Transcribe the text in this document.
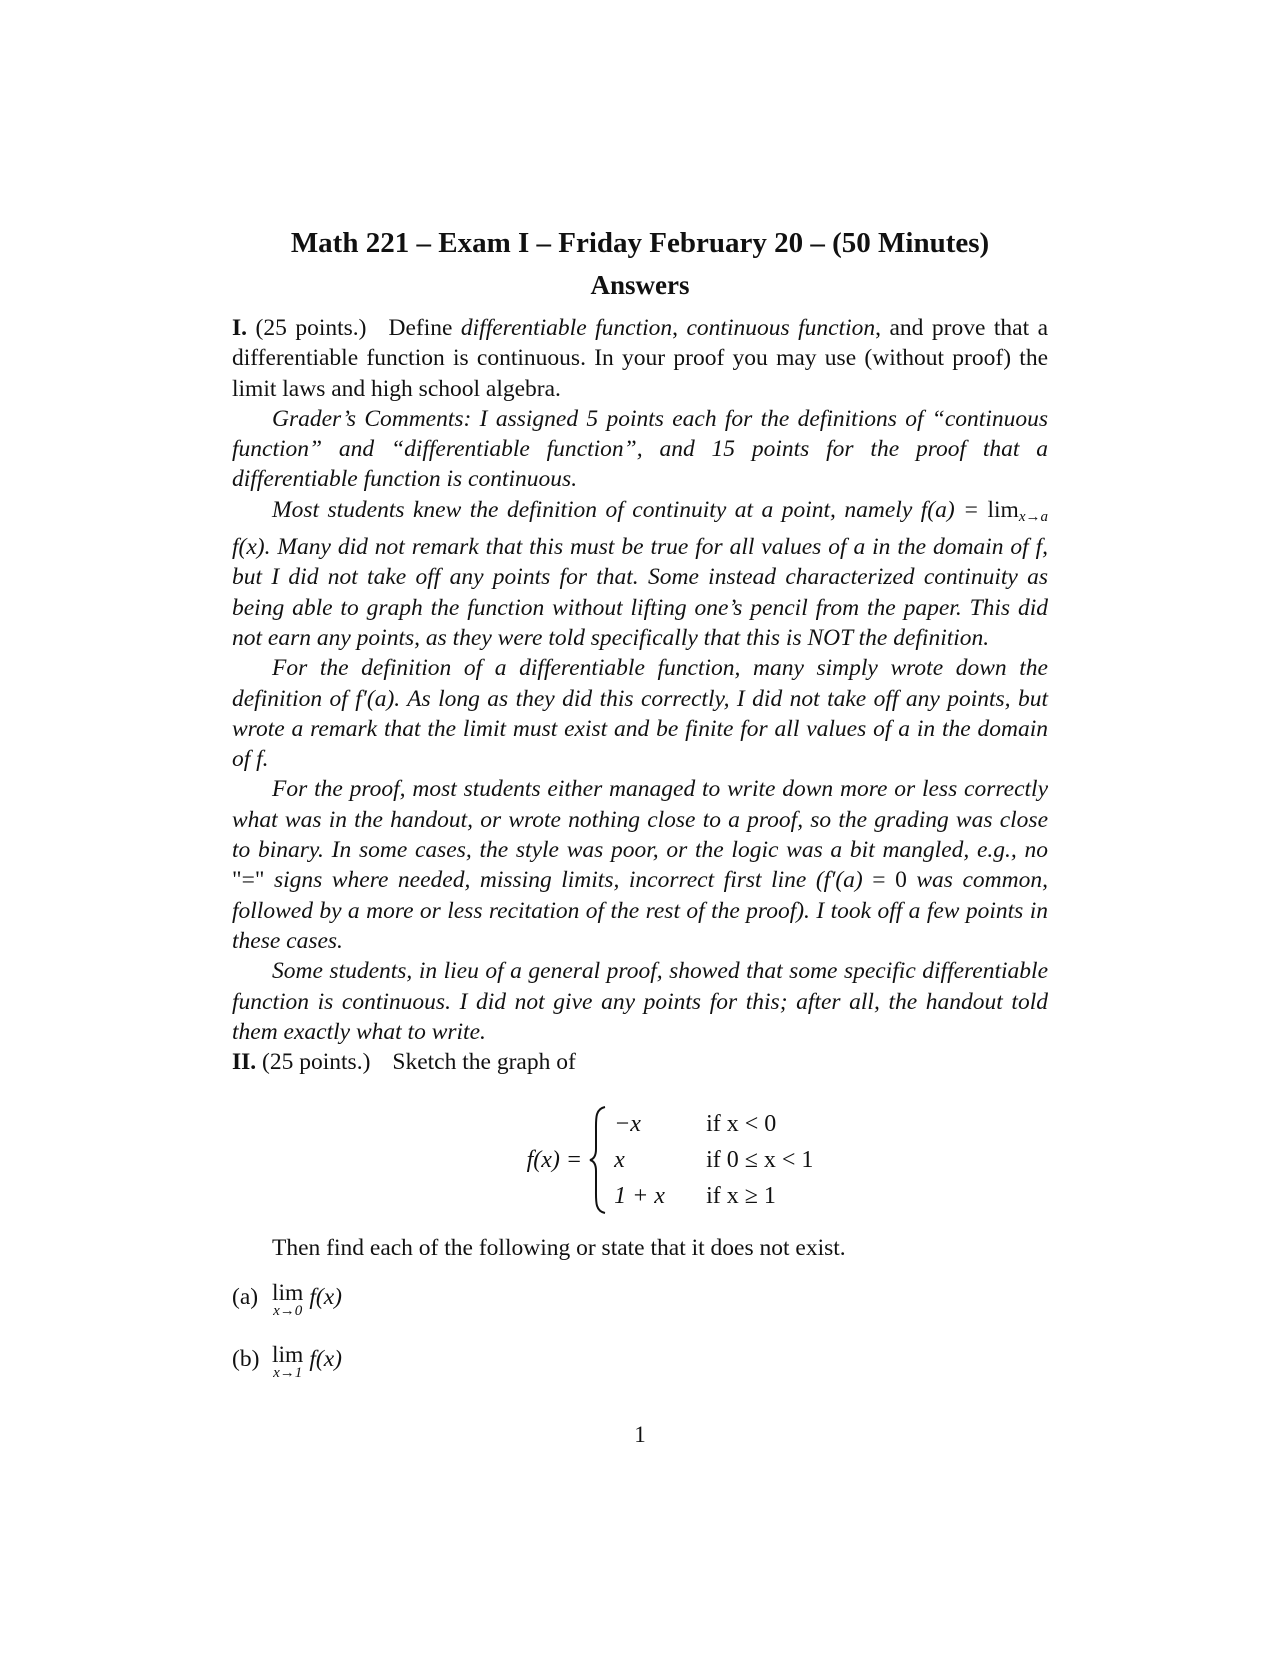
Math 221 – Exam I – Friday February 20 – (50 Minutes)
Answers

I. (25 points.) Define differentiable function, continuous function, and prove that a differentiable function is continuous. In your proof you may use (without proof) the limit laws and high school algebra.

Grader’s Comments: I assigned 5 points each for the definitions of “continuous function” and “differentiable function”, and 15 points for the proof that a differentiable function is continuous.

Most students knew the definition of continuity at a point, namely $f(a) = \lim_{x\to a} f(x)$. Many did not remark that this must be true for all values of a in the domain of f, but I did not take off any points for that. Some instead characterized continuity as being able to graph the function without lifting one’s pencil from the paper. This did not earn any points, as they were told specifically that this is NOT the definition.

For the definition of a differentiable function, many simply wrote down the definition of f′(a). As long as they did this correctly, I did not take off any points, but wrote a remark that the limit must exist and be finite for all values of a in the domain of f.

For the proof, most students either managed to write down more or less correctly what was in the handout, or wrote nothing close to a proof, so the grading was close to binary. In some cases, the style was poor, or the logic was a bit mangled, e.g., no "=" signs where needed, missing limits, incorrect first line (f′(a) = 0 was common, followed by a more or less recitation of the rest of the proof). I took off a few points in these cases.

Some students, in lieu of a general proof, showed that some specific differentiable function is continuous. I did not give any points for this; after all, the handout told them exactly what to write.

II. (25 points.) Sketch the graph of

f(x) =
−x	if x < 0
x	if 0 ≤ x < 1
1 + x	if x ≥ 1

Then find each of the following or state that it does not exist.

(a) lim
x→0
f(x)
(b) lim
x→1
f(x)
1
